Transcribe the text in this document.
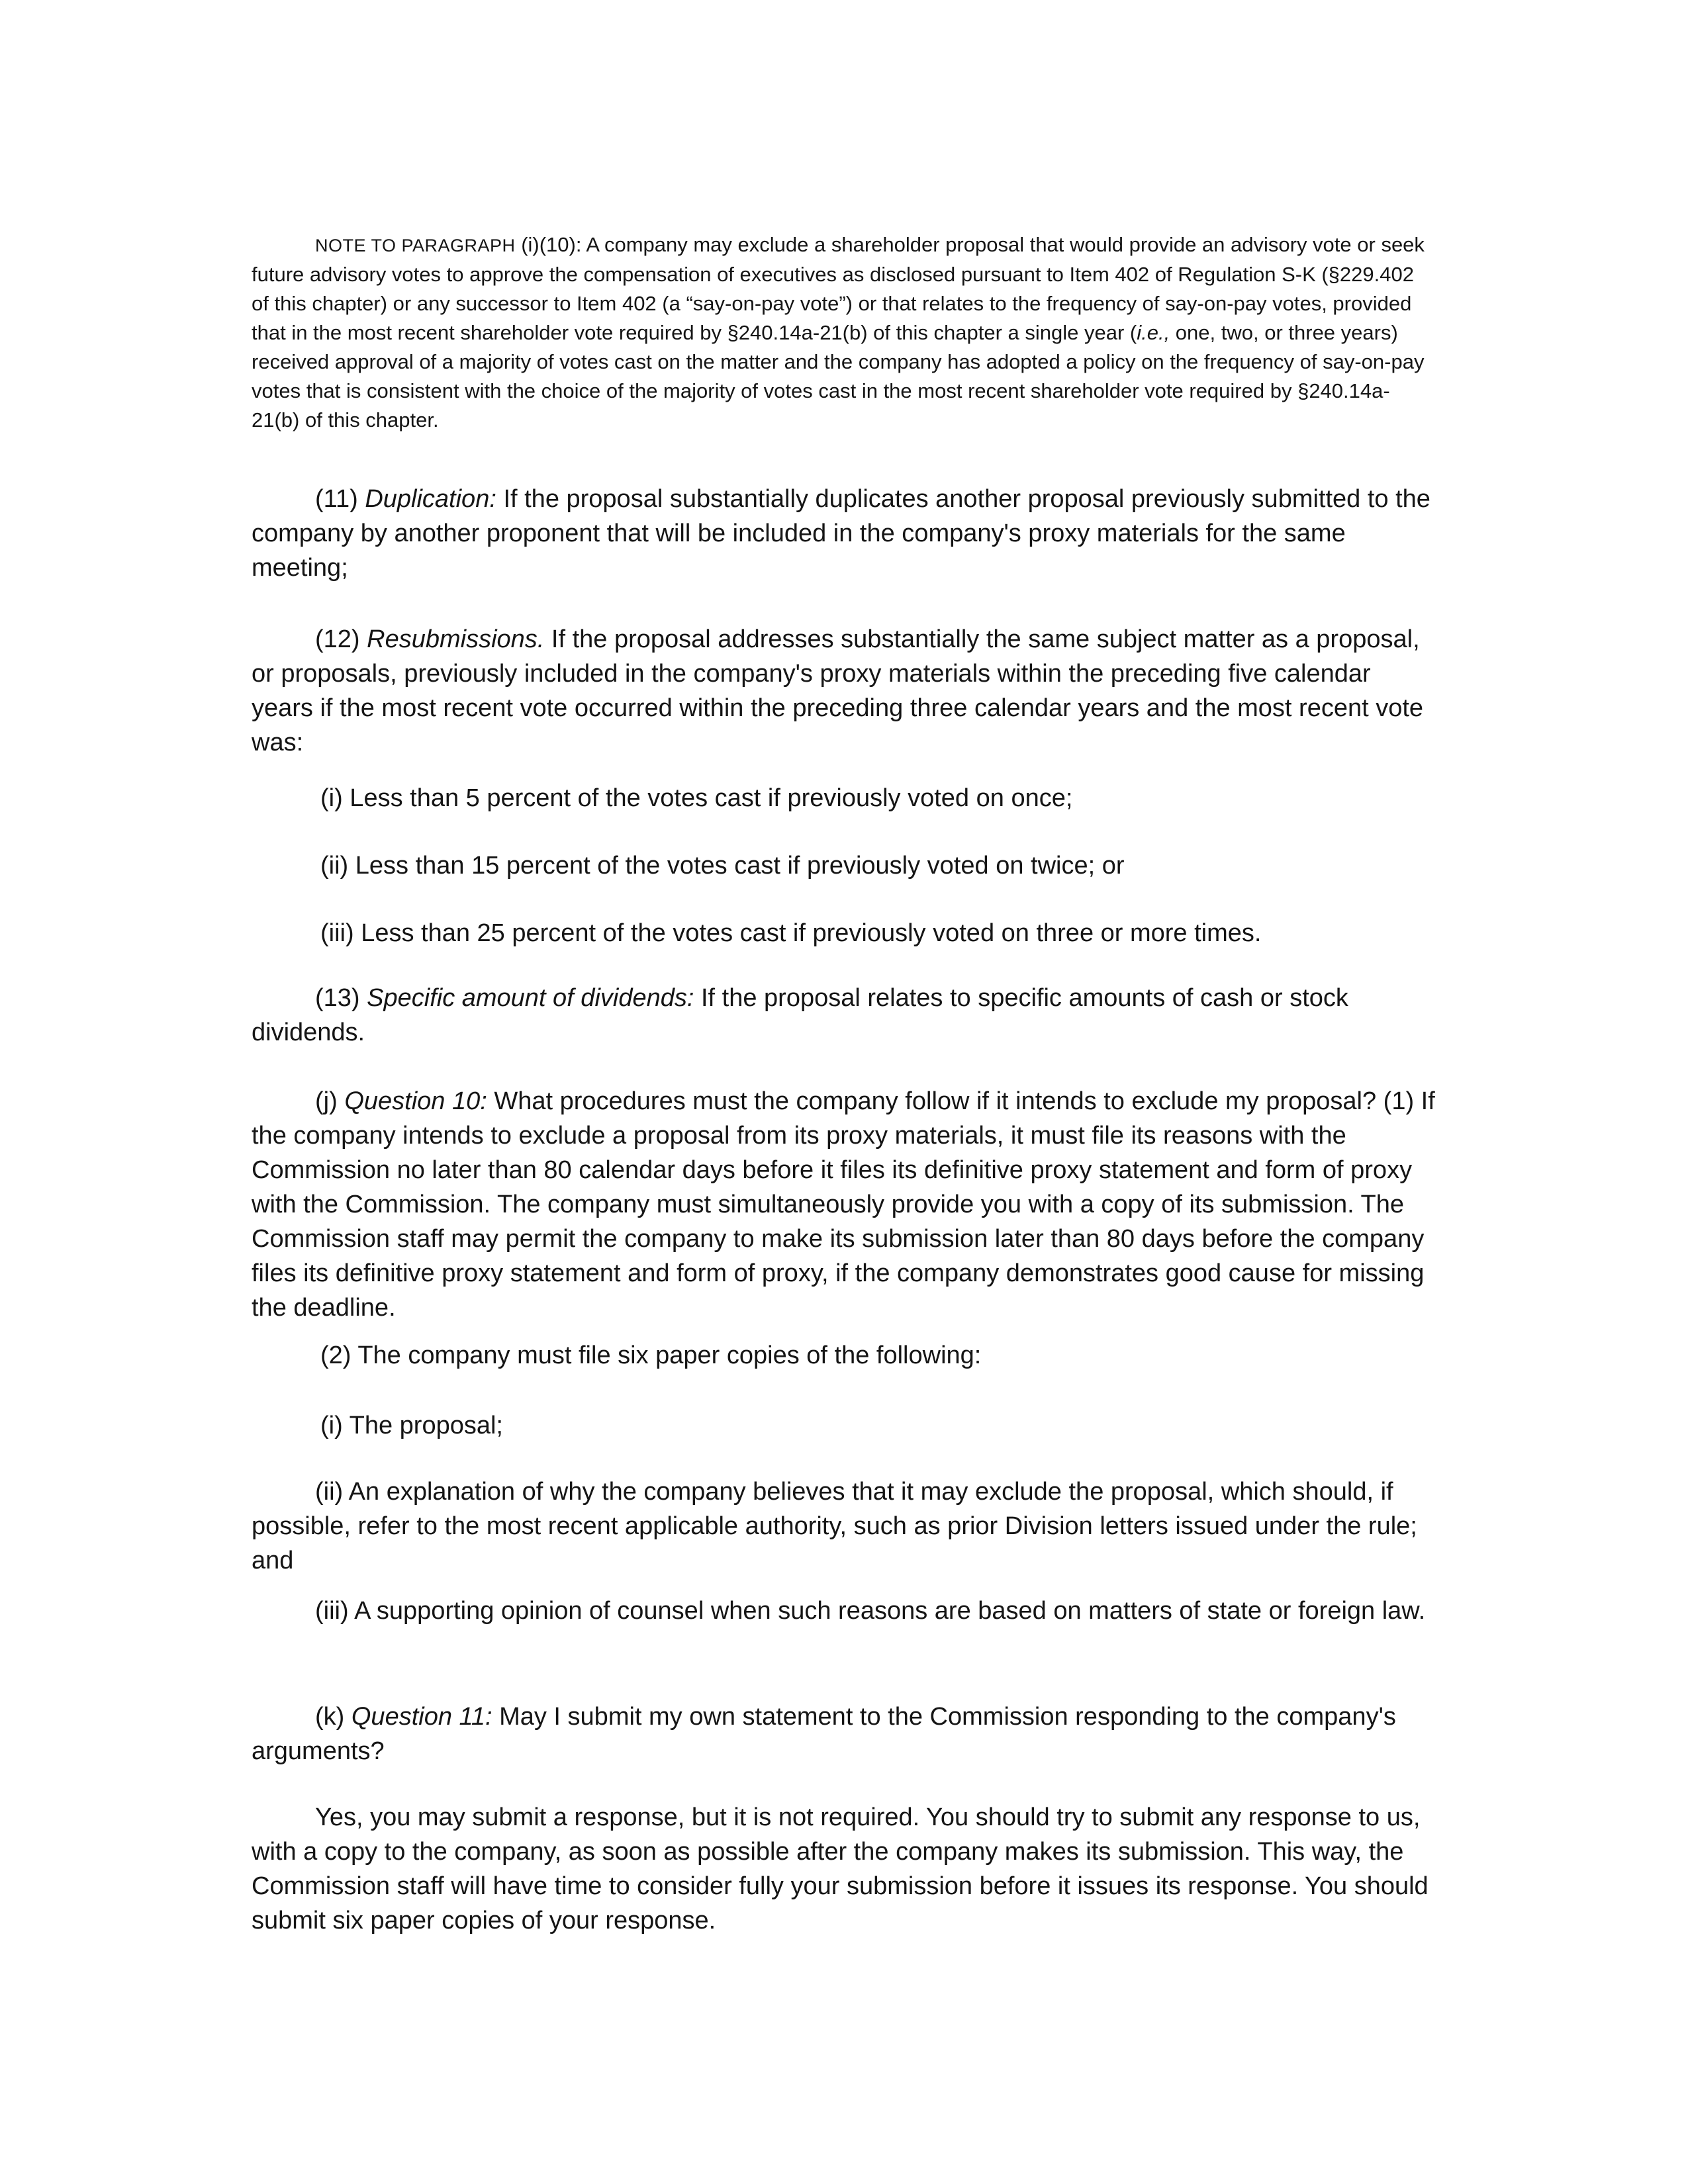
NOTE TO PARAGRAPH (i)(10): A company may exclude a shareholder proposal that would provide an advisory vote or seek future advisory votes to approve the compensation of executives as disclosed pursuant to Item 402 of Regulation S-K (§229.402 of this chapter) or any successor to Item 402 (a “say-on-pay vote”) or that relates to the frequency of say-on-pay votes, provided that in the most recent shareholder vote required by §240.14a-21(b) of this chapter a single year (i.e., one, two, or three years) received approval of a majority of votes cast on the matter and the company has adopted a policy on the frequency of say-on-pay votes that is consistent with the choice of the majority of votes cast in the most recent shareholder vote required by §240.14a-21(b) of this chapter.

(11) Duplication: If the proposal substantially duplicates another proposal previously submitted to the company by another proponent that will be included in the company's proxy materials for the same meeting;

(12) Resubmissions. If the proposal addresses substantially the same subject matter as a proposal, or proposals, previously included in the company's proxy materials within the preceding five calendar years if the most recent vote occurred within the preceding three calendar years and the most recent vote was:

(i) Less than 5 percent of the votes cast if previously voted on once;

(ii) Less than 15 percent of the votes cast if previously voted on twice; or

(iii) Less than 25 percent of the votes cast if previously voted on three or more times.

(13) Specific amount of dividends: If the proposal relates to specific amounts of cash or stock dividends.

(j) Question 10: What procedures must the company follow if it intends to exclude my proposal? (1) If the company intends to exclude a proposal from its proxy materials, it must file its reasons with the Commission no later than 80 calendar days before it files its definitive proxy statement and form of proxy with the Commission. The company must simultaneously provide you with a copy of its submission. The Commission staff may permit the company to make its submission later than 80 days before the company files its definitive proxy statement and form of proxy, if the company demonstrates good cause for missing the deadline.

(2) The company must file six paper copies of the following:

(i) The proposal;

(ii) An explanation of why the company believes that it may exclude the proposal, which should, if possible, refer to the most recent applicable authority, such as prior Division letters issued under the rule; and

(iii) A supporting opinion of counsel when such reasons are based on matters of state or foreign law.

(k) Question 11: May I submit my own statement to the Commission responding to the company's arguments?

Yes, you may submit a response, but it is not required. You should try to submit any response to us, with a copy to the company, as soon as possible after the company makes its submission. This way, the Commission staff will have time to consider fully your submission before it issues its response. You should submit six paper copies of your response.
